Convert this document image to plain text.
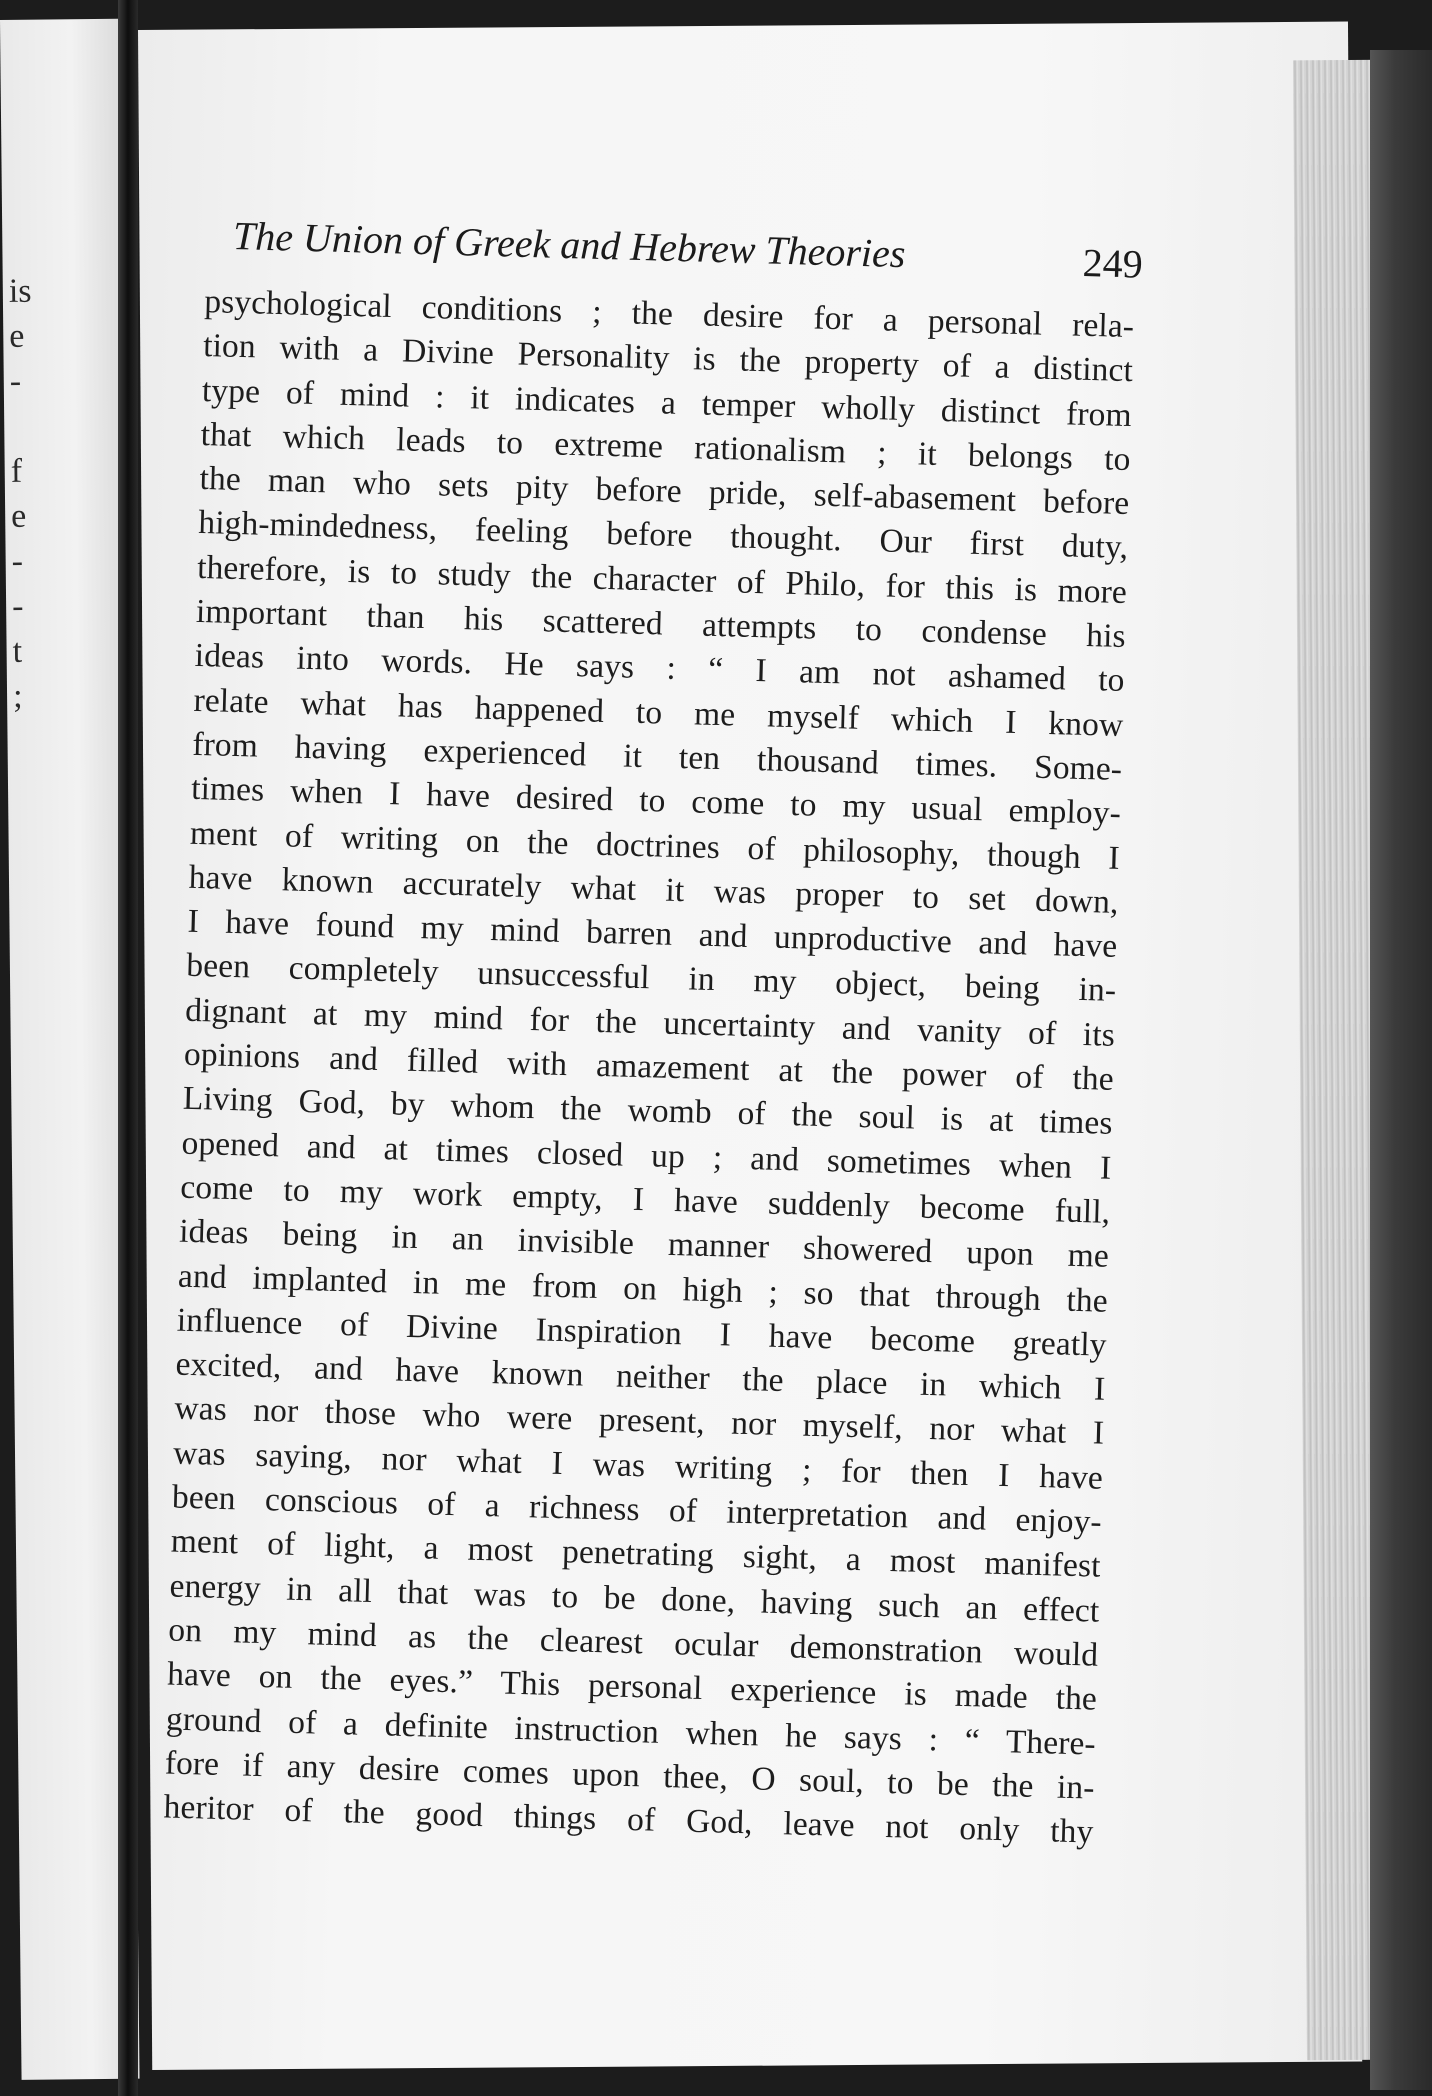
is
e
-
f
e
-
-
t
;
The Union of Greek and Hebrew Theories	249
psychological conditions ; the desire for a personal rela-
tion with a Divine Personality is the property of a distinct
type of mind : it indicates a temper wholly distinct from
that which leads to extreme rationalism ; it belongs to
the man who sets pity before pride, self-abasement before
high-mindedness, feeling before thought. Our first duty,
therefore, is to study the character of Philo, for this is more
important than his scattered attempts to condense his
ideas into words. He says : “ I am not ashamed to
relate what has happened to me myself which I know
from having experienced it ten thousand times. Some-
times when I have desired to come to my usual employ-
ment of writing on the doctrines of philosophy, though I
have known accurately what it was proper to set down,
I have found my mind barren and unproductive and have
been completely unsuccessful in my object, being in-
dignant at my mind for the uncertainty and vanity of its
opinions and filled with amazement at the power of the
Living God, by whom the womb of the soul is at times
opened and at times closed up ; and sometimes when I
come to my work empty, I have suddenly become full,
ideas being in an invisible manner showered upon me
and implanted in me from on high ; so that through the
influence of Divine Inspiration I have become greatly
excited, and have known neither the place in which I
was nor those who were present, nor myself, nor what I
was saying, nor what I was writing ; for then I have
been conscious of a richness of interpretation and enjoy-
ment of light, a most penetrating sight, a most manifest
energy in all that was to be done, having such an effect
on my mind as the clearest ocular demonstration would
have on the eyes.” This personal experience is made the
ground of a definite instruction when he says : “ There-
fore if any desire comes upon thee, O soul, to be the in-
heritor of the good things of God, leave not only thy
